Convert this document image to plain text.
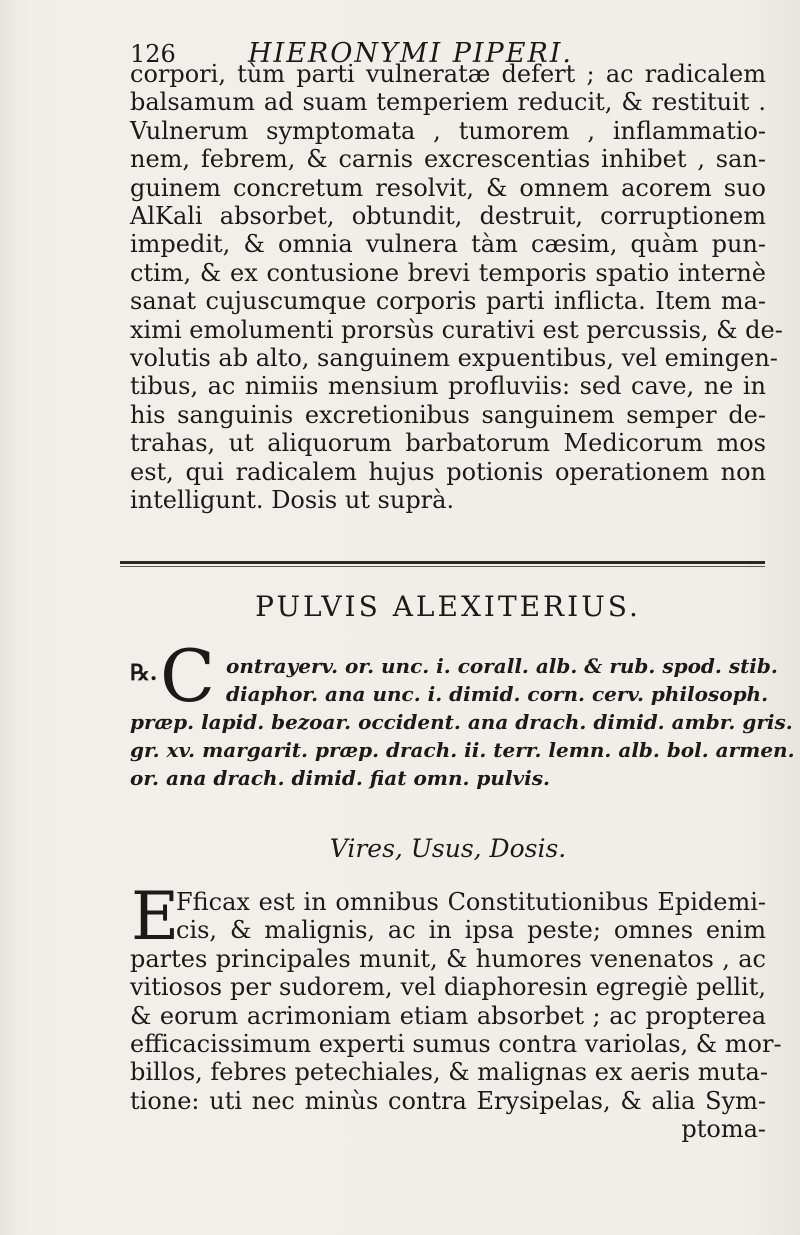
126	HIERONYMI PIPERI.
corpori, tùm parti vulneratæ defert ; ac radicalem
balsamum ad suam temperiem reducit, & restituit .
Vulnerum symptomata , tumorem , inflammatio-
nem, febrem, & carnis excrescentias inhibet , san-
guinem concretum resolvit, & omnem acorem suo
AlKali absorbet, obtundit, destruit, corruptionem
impedit, & omnia vulnera tàm cæsim, quàm pun-
ctim, & ex contusione brevi temporis spatio internè
sanat cujuscumque corporis parti inflicta. Item ma-
ximi emolumenti prorsùs curativi est percussis, & de-
volutis ab alto, sanguinem expuentibus, vel emingen-
tibus, ac nimiis mensium profluviis: sed cave, ne in
his sanguinis excretionibus sanguinem semper de-
trahas, ut aliquorum barbatorum Medicorum mos
est, qui radicalem hujus potionis operationem non
intelligunt. Dosis ut suprà.
PULVIS ALEXITERIUS.
℞. C ontrayerv. or. unc. i. corall. alb. & rub. spod. stib.
diaphor. ana unc. i. dimid. corn. cerv. philosoph.
præp. lapid. bezoar. occident. ana drach. dimid. ambr. gris.
gr. xv. margarit. præp. drach. ii. terr. lemn. alb. bol. armen.
or. ana drach. dimid. fiat omn. pulvis.
Vires, Usus, Dosis.
E
Fficax est in omnibus Constitutionibus Epidemi-
cis, & malignis, ac in ipsa peste; omnes enim
partes principales munit, & humores venenatos , ac
vitiosos per sudorem, vel diaphoresin egregiè pellit,
& eorum acrimoniam etiam absorbet ; ac propterea
efficacissimum experti sumus contra variolas, & mor-
billos, febres petechiales, & malignas ex aeris muta-
tione: uti nec minùs contra Erysipelas, & alia Sym-
ptoma-
